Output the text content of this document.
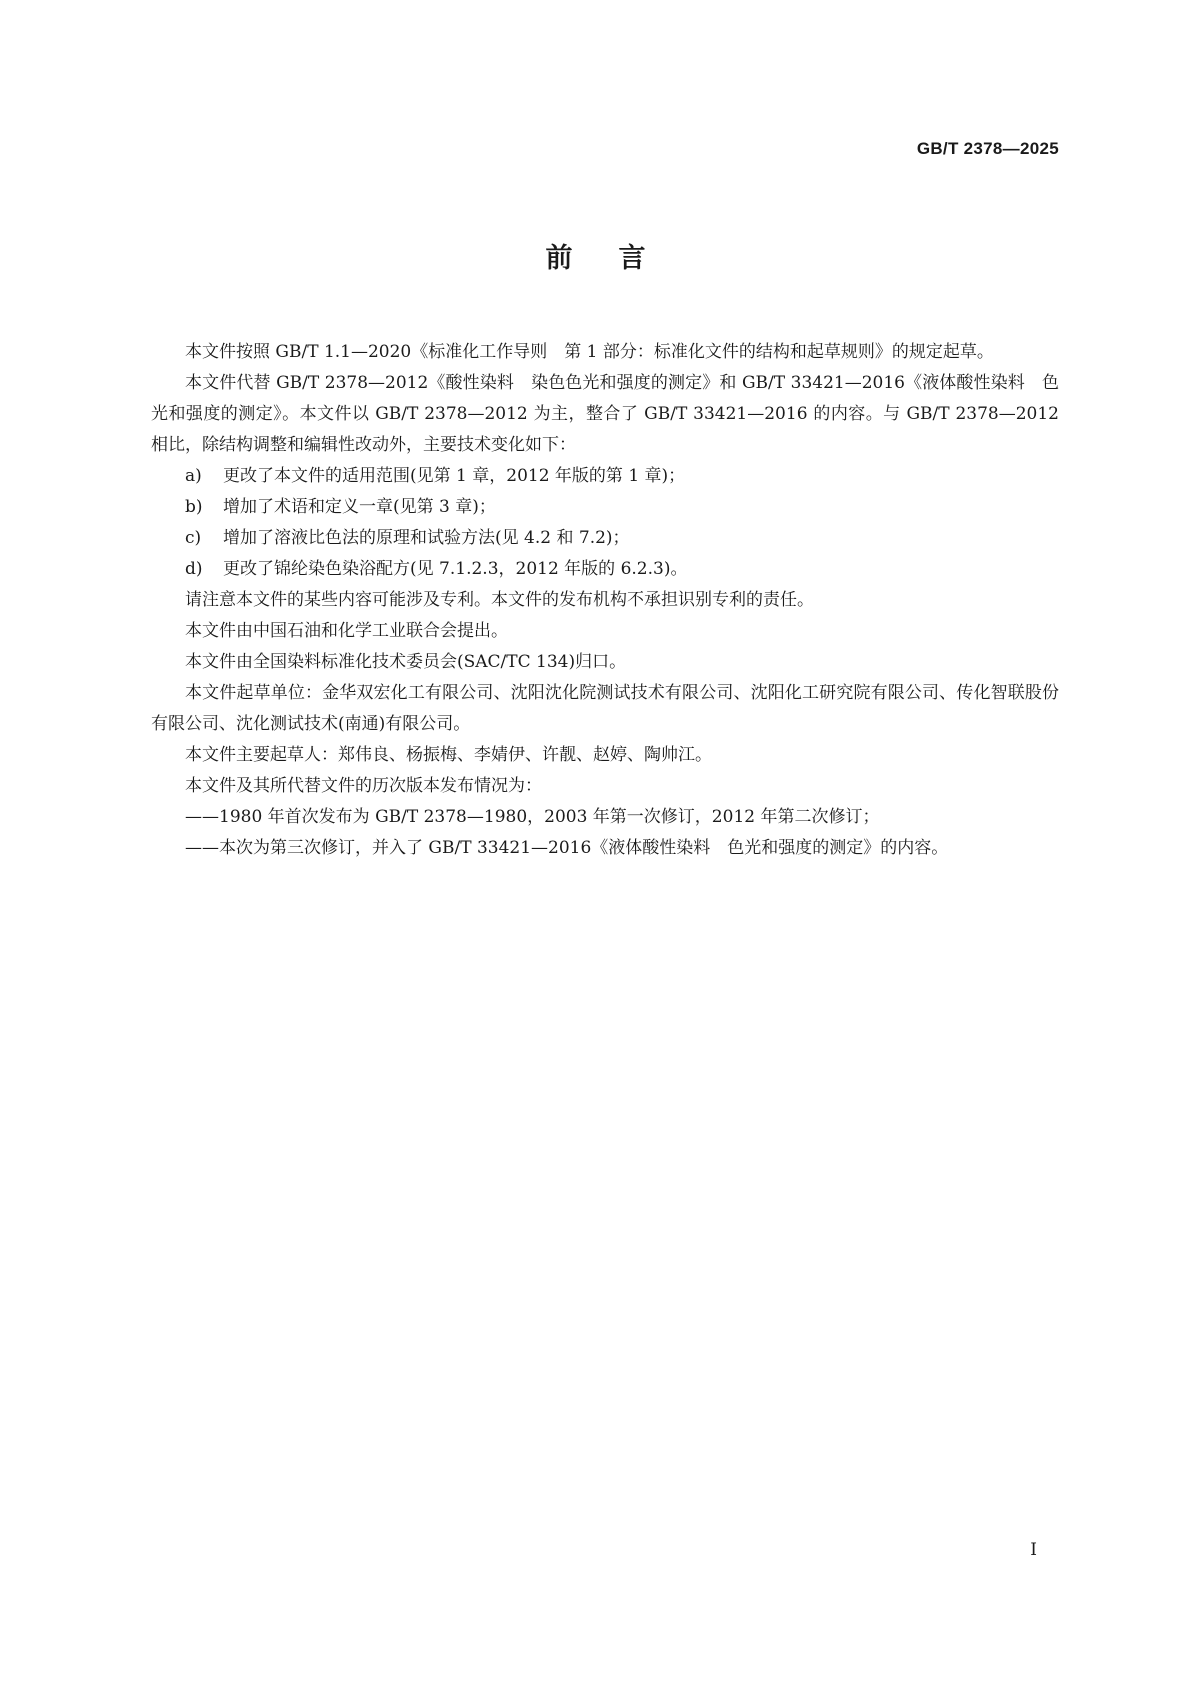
GB/T 2378—2025
前言

本文件按照 GB/T 1.1—2020《标准化工作导则　第 1 部分：标准化文件的结构和起草规则》的规定起草。

本文件代替 GB/T 2378—2012《酸性染料　染色色光和强度的测定》和 GB/T 33421—2016《液体酸性染料　色光和强度的测定》。本文件以 GB/T 2378—2012 为主，整合了 GB/T 33421—2016 的内容。与 GB/T 2378—2012 相比，除结构调整和编辑性改动外，主要技术变化如下：

a) 更改了本文件的适用范围(见第 1 章，2012 年版的第 1 章)；
b) 增加了术语和定义一章(见第 3 章)；
c) 增加了溶液比色法的原理和试验方法(见 4.2 和 7.2)；
d) 更改了锦纶染色染浴配方(见 7.1.2.3，2012 年版的 6.2.3)。

请注意本文件的某些内容可能涉及专利。本文件的发布机构不承担识别专利的责任。

本文件由中国石油和化学工业联合会提出。

本文件由全国染料标准化技术委员会(SAC/TC 134)归口。

本文件起草单位：金华双宏化工有限公司、沈阳沈化院测试技术有限公司、沈阳化工研究院有限公司、传化智联股份有限公司、沈化测试技术(南通)有限公司。

本文件主要起草人：郑伟良、杨振梅、李婧伊、许靓、赵婷、陶帅江。

本文件及其所代替文件的历次版本发布情况为：

——1980 年首次发布为 GB/T 2378—1980，2003 年第一次修订，2012 年第二次修订；
——本次为第三次修订，并入了 GB/T 33421—2016《液体酸性染料　色光和强度的测定》的内容。
I
